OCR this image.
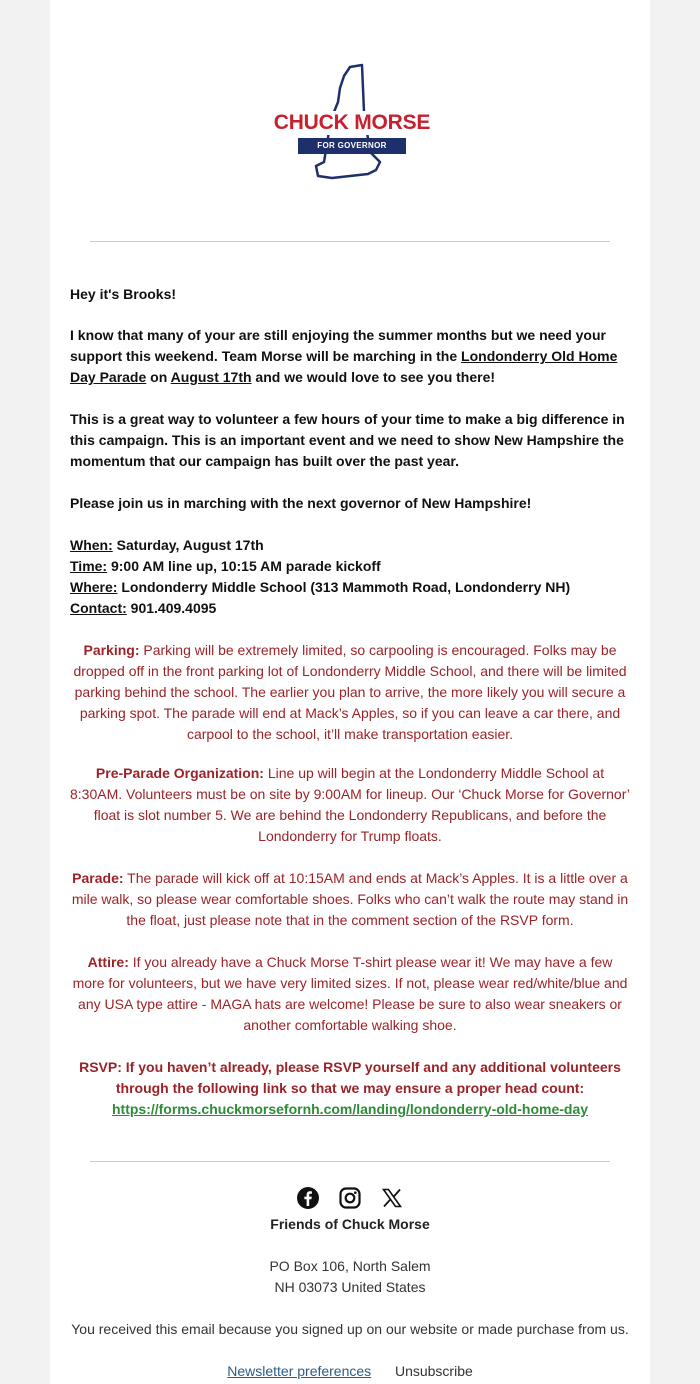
CHUCK MORSE
FOR GOVERNOR

Hey it's Brooks!

I know that many of your are still enjoying the summer months but we need your support this weekend. Team Morse will be marching in the Londonderry Old Home Day Parade on August 17th and we would love to see you there!

This is a great way to volunteer a few hours of your time to make a big difference in this campaign. This is an important event and we need to show New Hampshire the momentum that our campaign has built over the past year.

Please join us in marching with the next governor of New Hampshire!

When: Saturday, August 17th

Time: 9:00 AM line up, 10:15 AM parade kickoff

Where: Londonderry Middle School (313 Mammoth Road, Londonderry NH)

Contact: 901.409.4095

Parking: Parking will be extremely limited, so carpooling is encouraged. Folks may be dropped off in the front parking lot of Londonderry Middle School, and there will be limited parking behind the school. The earlier you plan to arrive, the more likely you will secure a parking spot. The parade will end at Mack’s Apples, so if you can leave a car there, and carpool to the school, it’ll make transportation easier.
Pre-Parade Organization: Line up will begin at the Londonderry Middle School at 8:30AM. Volunteers must be on site by 9:00AM for lineup. Our ‘Chuck Morse for Governor’ float is slot number 5. We are behind the Londonderry Republicans, and before the Londonderry for Trump floats.
Parade: The parade will kick off at 10:15AM and ends at Mack’s Apples. It is a little over a mile walk, so please wear comfortable shoes. Folks who can’t walk the route may stand in the float, just please note that in the comment section of the RSVP form.
Attire: If you already have a Chuck Morse T-shirt please wear it! We may have a few more for volunteers, but we have very limited sizes. If not, please wear red/white/blue and any USA type attire - MAGA hats are welcome! Please be sure to also wear sneakers or another comfortable walking shoe.
RSVP: If you haven’t already, please RSVP yourself and any additional volunteers through the following link so that we may ensure a proper head count:
https://forms.chuckmorsefornh.com/landing/londonderry-old-home-day
Friends of Chuck Morse
PO Box 106, North Salem
NH 03073 United States
You received this email because you signed up on our website or made purchase from us.
Newsletter preferences Unsubscribe
